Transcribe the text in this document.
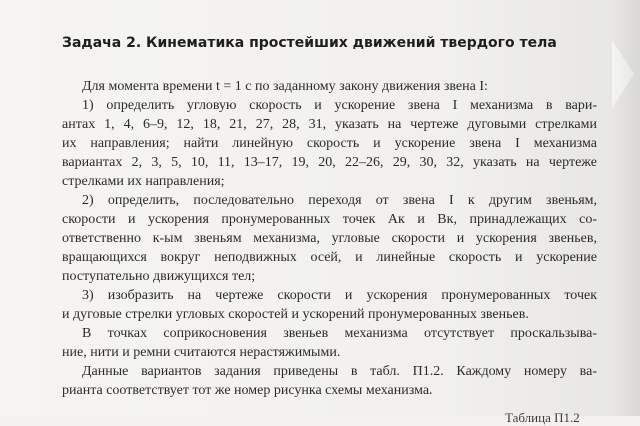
Задача 2. Кинематика простейших движений твердого тела
Для момента времени t = 1 с по заданному закону движения звена I:
1) определить угловую скорость и ускорение звена I механизма в вари-
антах 1, 4, 6–9, 12, 18, 21, 27, 28, 31, указать на чертеже дуговыми стрелками
их направления; найти линейную скорость и ускорение звена I механизма
вариантах 2, 3, 5, 10, 11, 13–17, 19, 20, 22–26, 29, 30, 32, указать на чертеже
стрелками их направления;
2) определить, последовательно переходя от звена I к другим звеньям,
скорости и ускорения пронумерованных точек Aк и Bк, принадлежащих со-
ответственно к-ым звеньям механизма, угловые скорости и ускорения звеньев,
вращающихся вокруг неподвижных осей, и линейные скорость и ускорение
поступательно движущихся тел;
3) изобразить на чертеже скорости и ускорения пронумерованных точек
и дуговые стрелки угловых скоростей и ускорений пронумерованных звеньев.
В точках соприкосновения звеньев механизма отсутствует проскальзыва-
ние, нити и ремни считаются нерастяжимыми.
Данные вариантов задания приведены в табл. П1.2. Каждому номеру ва-
рианта соответствует тот же номер рисунка схемы механизма.
Таблица П1.2
